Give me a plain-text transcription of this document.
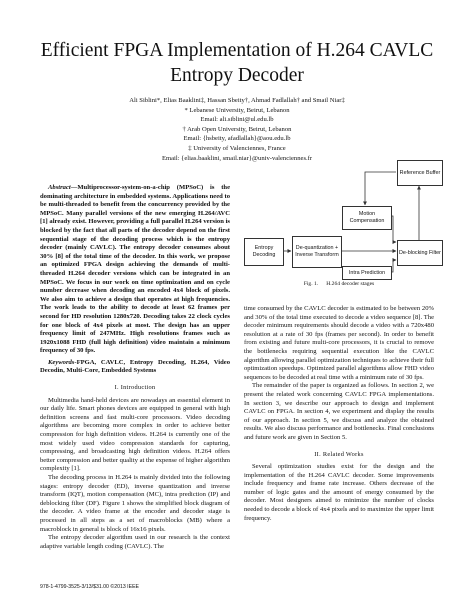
Efficient FPGA Implementation of H.264 CAVLC
Entropy Decoder
Ali Siblini*, Elias Baaklini‡, Hassan Sbeity†, Ahmad Fadlallah† and Smail Niar‡
* Lebanese University, Beirut, Lebanon
Email: ali.siblini@ul.edu.lb
† Arab Open University, Beirut, Lebanon
Email: {hsbeity, afadlallah}@aou.edu.lb
‡ University of Valenciennes, France
Email: {elias.baaklini, smail.niar}@univ-valenciennes.fr

Abstract—Multiprocessor-system-on-a-chip (MPSoC) is the dominating architecture in embedded systems. Applications need to be multi-threaded to benefit from the concurrency provided by the MPSoC. Many parallel versions of the new emerging H.264/AVC [1] already exist. However, providing a full parallel H.264 version is blocked by the fact that all parts of the decoder depend on the first sequential stage of the decoding process which is the entropy decoder (mainly CAVLC). The entropy decoder consumes about 30% [8] of the total time of the decoder. In this work, we propose an optimized FPGA design achieving the demands of multi-threaded H.264 decoder versions which can be integrated in an MPSoC. We focus in our work on time optimization and on cycle number decrease when decoding an encoded 4x4 block of pixels. We also aim to achieve a design that operates at high frequencies. The work leads to the ability to decode at least 62 frames per second for HD resolution 1280x720. Decoding takes 22 clock cycles for one block of 4x4 pixels at most. The design has an upper frequency limit of 247MHz. High resolutions frames such as 1920x1088 FHD (full high definition) video maintain a minimum frequency of 30 fps.

Keywords-FPGA, CAVLC, Entropy Decoding, H.264, Video Decodin, Multi-Core, Embedded Systems

I. Introduction

Multimedia hand-held devices are nowadays an essential element in our daily life. Smart phones devices are equipped in general with high definition screens and fast multi-core processors. Video decoding algorithms are becoming more complex in order to achieve better compression for high definition videos. H.264 is currently one of the most widely used video compression standards for capturing, compressing, and broadcasting high definition videos. H.264 offers better compression and better quality at the expense of higher algorithm complexity [1].

The decoding process in H.264 is mainly divided into the following stages: entropy decoder (ED), inverse quantization and inverse transform (IQT), motion compensation (MC), intra prediction (IP) and deblocking filter (DF). Figure 1 shows the simplified block diagram of the decoder. A video frame at the encoder and decoder stage is processed in all steps as a set of macroblocks (MB) where a macroblock in general is block of 16x16 pixels.

The entropy decoder algorithm used in our research is the context adaptive variable length coding (CAVLC). The

978-1-4799-3525-3/13/$31.00 ©2013 IEEE
Entropy Decoding
De-quantization + Inverse Transform
Motion Compensation
Intra Prediction
De-blocking Filter
Reference Buffer
Fig. 1. H.264 decoder stages

time consumed by the CAVLC decoder is estimated to be between 20% and 30% of the total time executed to decode a video sequence [8]. The decoder minimum requirements should decode a video with a 720x480 resolution at a rate of 30 fps (frames per second). In order to benefit from existing and future multi-core processors, it is crucial to remove the bottlenecks requiring sequential execution like the CAVLC algorithm allowing parallel optimization techniques to achieve their full optimization speedups. Optimized parallel algorithms allow FHD video sequences to be decoded at real time with a minimum rate of 30 fps.

The remainder of the paper is organized as follows. In section 2, we present the related work concerning CAVLC FPGA implementations. In section 3, we describe our approach to design and implement CAVLC on FPGA. In section 4, we experiment and display the results of our approach. In section 5, we discuss and analyze the obtained results. We also discuss performance and bottlenecks. Final conclusions and future work are given in Section 5.

II. Related Works

Several optimization studies exist for the design and the implementation of the H.264 CAVLC decoder. Some improvements include frequency and frame rate increase. Others decrease of the number of logic gates and the amount of energy consumed by the decoder. Most designers aimed to minimize the number of clocks needed to decode a block of 4x4 pixels and to maximize the upper limit frequency.
